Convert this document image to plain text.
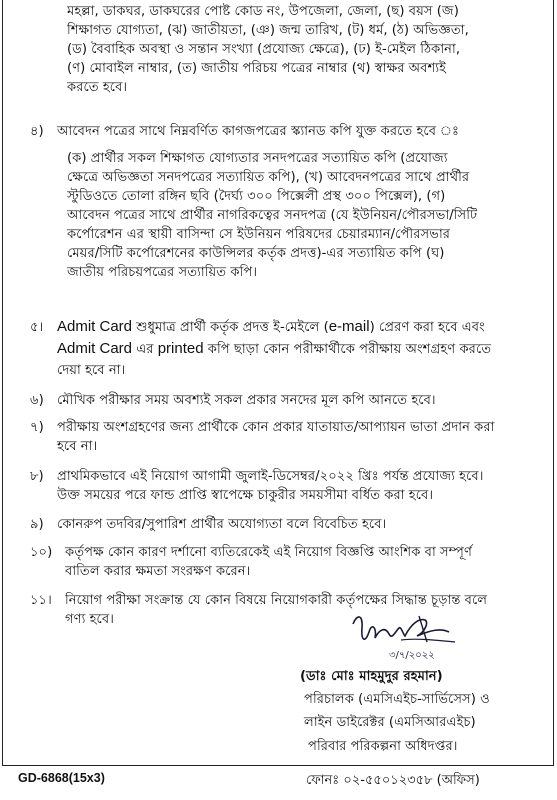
মহল্লা, ডাকঘর, ডাকঘরের পোষ্ট কোড নং, উপজেলা, জেলা, (ছ) বয়স (জ)
শিক্ষাগত যোগ্যতা, (ঝ) জাতীয়তা, (ঞ) জন্ম তারিখ, (ট) ধর্ম, (ঠ) অভিজ্ঞতা,
(ড) বৈবাহিক অবস্থা ও সন্তান সংখ্যা (প্রযোজ্য ক্ষেত্রে), (ঢ) ই-মেইল ঠিকানা,
(ণ) মোবাইল নাম্বার, (ত) জাতীয় পরিচয় পত্রের নাম্বার (থ) স্বাক্ষর অবশ্যই
করতে হবে।
৪) আবেদন পত্রের সাথে নিম্নবর্ণিত কাগজপত্রের স্ক্যানড কপি যুক্ত করতে হবে ঃ
(ক) প্রার্থীর সকল শিক্ষাগত যোগ্যতার সনদপত্রের সত্যায়িত কপি (প্রযোজ্য
ক্ষেত্রে অভিজ্ঞতা সনদপত্রের সত্যায়িত কপি), (খ) আবেদনপত্রের সাথে প্রার্থীর
স্টুডিওতে তোলা রঙ্গিন ছবি (দৈর্ঘ্য ৩০০ পিক্সেলী প্রস্থ ৩০০ পিক্সেল), (গ)
আবেদন পত্রের সাথে প্রার্থীর নাগরিকত্বের সনদপত্র (যে ইউনিয়ন/পৌরসভা/সিটি
কর্পোরেশন এর স্থায়ী বাসিন্দা সে ইউনিয়ন পরিষদের চেয়ারম্যান/পৌরসভার
মেয়র/সিটি কর্পোরেশনের কাউন্সিলর কর্তৃক প্রদত্ত)-এর সত্যায়িত কপি (ঘ)
জাতীয় পরিচয়পত্রের সত্যায়িত কপি।
৫। Admit Card শুধুমাত্র প্রার্থী কর্তৃক প্রদত্ত ই-মেইলে (e-mail) প্রেরণ করা হবে এবং
Admit Card এর printed কপি ছাড়া কোন পরীক্ষার্থীকে পরীক্ষায় অংশগ্রহণ করতে
দেয়া হবে না।
৬) মৌখিক পরীক্ষার সময় অবশ্যই সকল প্রকার সনদের মূল কপি আনতে হবে।
৭) পরীক্ষায় অংশগ্রহণের জন্য প্রার্থীকে কোন প্রকার যাতায়াত/আপ্যায়ন ভাতা প্রদান করা
হবে না।
৮) প্রাথমিকভাবে এই নিয়োগ আগামী জুলাই-ডিসেম্বর/২০২২ খ্রিঃ পর্যন্ত প্রযোজ্য হবে।
উক্ত সময়ের পরে ফান্ড প্রাপ্তি স্বাপেক্ষে চাকুরীর সময়সীমা বর্ধিত করা হবে।
৯) কোনরুপ তদবির/সুপারিশ প্রার্থীর অযোগ্যতা বলে বিবেচিত হবে।
১০) কর্তৃপক্ষ কোন কারণ দর্শানো ব্যতিরেকেই এই নিয়োগ বিজ্ঞপ্তি আংশিক বা সম্পূর্ণ
বাতিল করার ক্ষমতা সংরক্ষণ করেন।
১১। নিয়োগ পরীক্ষা সংক্রান্ত যে কোন বিষয়ে নিয়োগকারী কর্তৃপক্ষের সিদ্ধান্ত চূড়ান্ত বলে
গণ্য হবে।
৩/৭/২০২২
(ডাঃ মোঃ মাহমুদুর রহমান)
পরিচালক (এমসিএইচ-সার্ভিসেস) ও
লাইন ডাইরেক্টর (এমসিআরএইচ)
পরিবার পরিকল্পনা অধিদপ্তর।
GD-6868(15x3)	ফোনঃ ০২-৫৫০১২৩৫৮ (অফিস)
